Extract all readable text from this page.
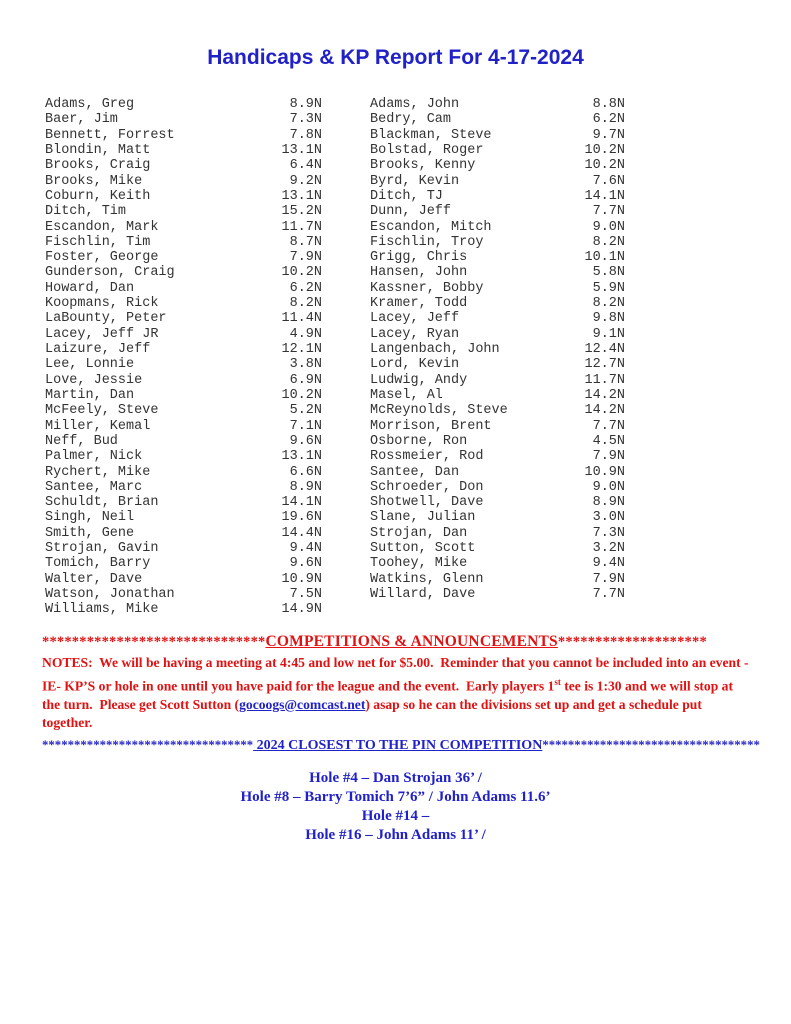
Handicaps & KP Report For 4-17-2024
Adams, Greg	8.9N
Baer, Jim	7.3N
Bennett, Forrest	7.8N
Blondin, Matt	13.1N
Brooks, Craig	6.4N
Brooks, Mike	9.2N
Coburn, Keith	13.1N
Ditch, Tim	15.2N
Escandon, Mark	11.7N
Fischlin, Tim	8.7N
Foster, George	7.9N
Gunderson, Craig	10.2N
Howard, Dan	6.2N
Koopmans, Rick	8.2N
LaBounty, Peter	11.4N
Lacey, Jeff JR	4.9N
Laizure, Jeff	12.1N
Lee, Lonnie	3.8N
Love, Jessie	6.9N
Martin, Dan	10.2N
McFeely, Steve	5.2N
Miller, Kemal	7.1N
Neff, Bud	9.6N
Palmer, Nick	13.1N
Rychert, Mike	6.6N
Santee, Marc	8.9N
Schuldt, Brian	14.1N
Singh, Neil	19.6N
Smith, Gene	14.4N
Strojan, Gavin	9.4N
Tomich, Barry	9.6N
Walter, Dave	10.9N
Watson, Jonathan	7.5N
Williams, Mike	14.9N
Adams, John	8.8N
Bedry, Cam	6.2N
Blackman, Steve	9.7N
Bolstad, Roger	10.2N
Brooks, Kenny	10.2N
Byrd, Kevin	7.6N
Ditch, TJ	14.1N
Dunn, Jeff	7.7N
Escandon, Mitch	9.0N
Fischlin, Troy	8.2N
Grigg, Chris	10.1N
Hansen, John	5.8N
Kassner, Bobby	5.9N
Kramer, Todd	8.2N
Lacey, Jeff	9.8N
Lacey, Ryan	9.1N
Langenbach, John	12.4N
Lord, Kevin	12.7N
Ludwig, Andy	11.7N
Masel, Al	14.2N
McReynolds, Steve	14.2N
Morrison, Brent	7.7N
Osborne, Ron	4.5N
Rossmeier, Rod	7.9N
Santee, Dan	10.9N
Schroeder, Don	9.0N
Shotwell, Dave	8.9N
Slane, Julian	3.0N
Strojan, Dan	7.3N
Sutton, Scott	3.2N
Toohey, Mike	9.4N
Watkins, Glenn	7.9N
Willard, Dave	7.7N
******************************COMPETITIONS & ANNOUNCEMENTS********************
NOTES:  We will be having a meeting at 4:45 and low net for $5.00.  Reminder that you cannot be included into an event -IE- KP’S or hole in one until you have paid for the league and the event.  Early players 1st tee is 1:30 and we will stop at the turn.  Please get Scott Sutton (gocoogs@comcast.net) asap so he can the divisions set up and get a schedule put together.
********************************* 2024 CLOSEST TO THE PIN COMPETITION**********************************
Hole #4 – Dan Strojan 36’ /
Hole #8 – Barry Tomich 7’6” / John Adams 11.6’
Hole #14 –
Hole #16 – John Adams 11’ /
